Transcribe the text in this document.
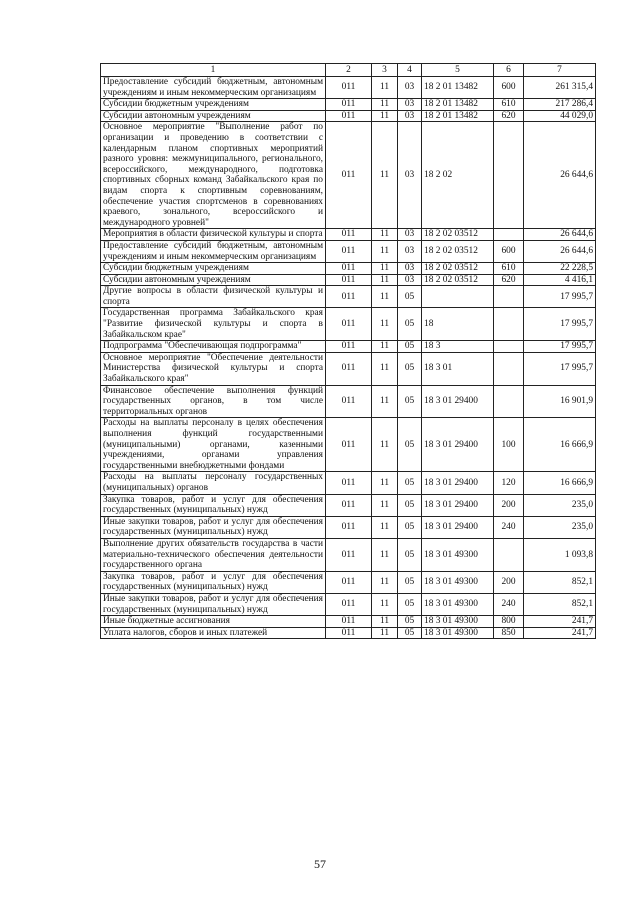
1	2	3	4	5	6	7
Предоставление субсидий бюджетным, автономным учреждениям и иным некоммерческим организациям	011	11	03	18 2 01 13482	600	261 315,4
Субсидии бюджетным учреждениям	011	11	03	18 2 01 13482	610	217 286,4
Субсидии автономным учреждениям	011	11	03	18 2 01 13482	620	44 029,0
Основное мероприятие "Выполнение работ по организации и проведению в соответствии с календарным планом спортивных мероприятий разного уровня: межмуниципального, регионального, всероссийского, международного, подготовка спортивных сборных команд Забайкальского края по видам спорта к спортивным соревнованиям, обеспечение участия спортсменов в соревнованиях краевого, зонального, всероссийского и международного уровней"	011	11	03	18 2 02		26 644,6
Мероприятия в области физической культуры и спорта	011	11	03	18 2 02 03512		26 644,6
Предоставление субсидий бюджетным, автономным учреждениям и иным некоммерческим организациям	011	11	03	18 2 02 03512	600	26 644,6
Субсидии бюджетным учреждениям	011	11	03	18 2 02 03512	610	22 228,5
Субсидии автономным учреждениям	011	11	03	18 2 02 03512	620	4 416,1
Другие вопросы в области физической культуры и спорта	011	11	05			17 995,7
Государственная программа Забайкальского края "Развитие физической культуры и спорта в Забайкальском крае"	011	11	05	18		17 995,7
Подпрограмма "Обеспечивающая подпрограмма"	011	11	05	18 3		17 995,7
Основное мероприятие "Обеспечение деятельности Министерства физической культуры и спорта Забайкальского края"	011	11	05	18 3 01		17 995,7
Финансовое обеспечение выполнения функций государственных органов, в том числе территориальных органов	011	11	05	18 3 01 29400		16 901,9
Расходы на выплаты персоналу в целях обеспечения выполнения функций государственными (муниципальными) органами, казенными учреждениями, органами управления государственными внебюджетными фондами	011	11	05	18 3 01 29400	100	16 666,9
Расходы на выплаты персоналу государственных (муниципальных) органов	011	11	05	18 3 01 29400	120	16 666,9
Закупка товаров, работ и услуг для обеспечения государственных (муниципальных) нужд	011	11	05	18 3 01 29400	200	235,0
Иные закупки товаров, работ и услуг для обеспечения государственных (муниципальных) нужд	011	11	05	18 3 01 29400	240	235,0
Выполнение других обязательств государства в части материально-технического обеспечения деятельности государственного органа	011	11	05	18 3 01 49300		1 093,8
Закупка товаров, работ и услуг для обеспечения государственных (муниципальных) нужд	011	11	05	18 3 01 49300	200	852,1
Иные закупки товаров, работ и услуг для обеспечения государственных (муниципальных) нужд	011	11	05	18 3 01 49300	240	852,1
Иные бюджетные ассигнования	011	11	05	18 3 01 49300	800	241,7
Уплата налогов, сборов и иных платежей	011	11	05	18 3 01 49300	850	241,7
57
